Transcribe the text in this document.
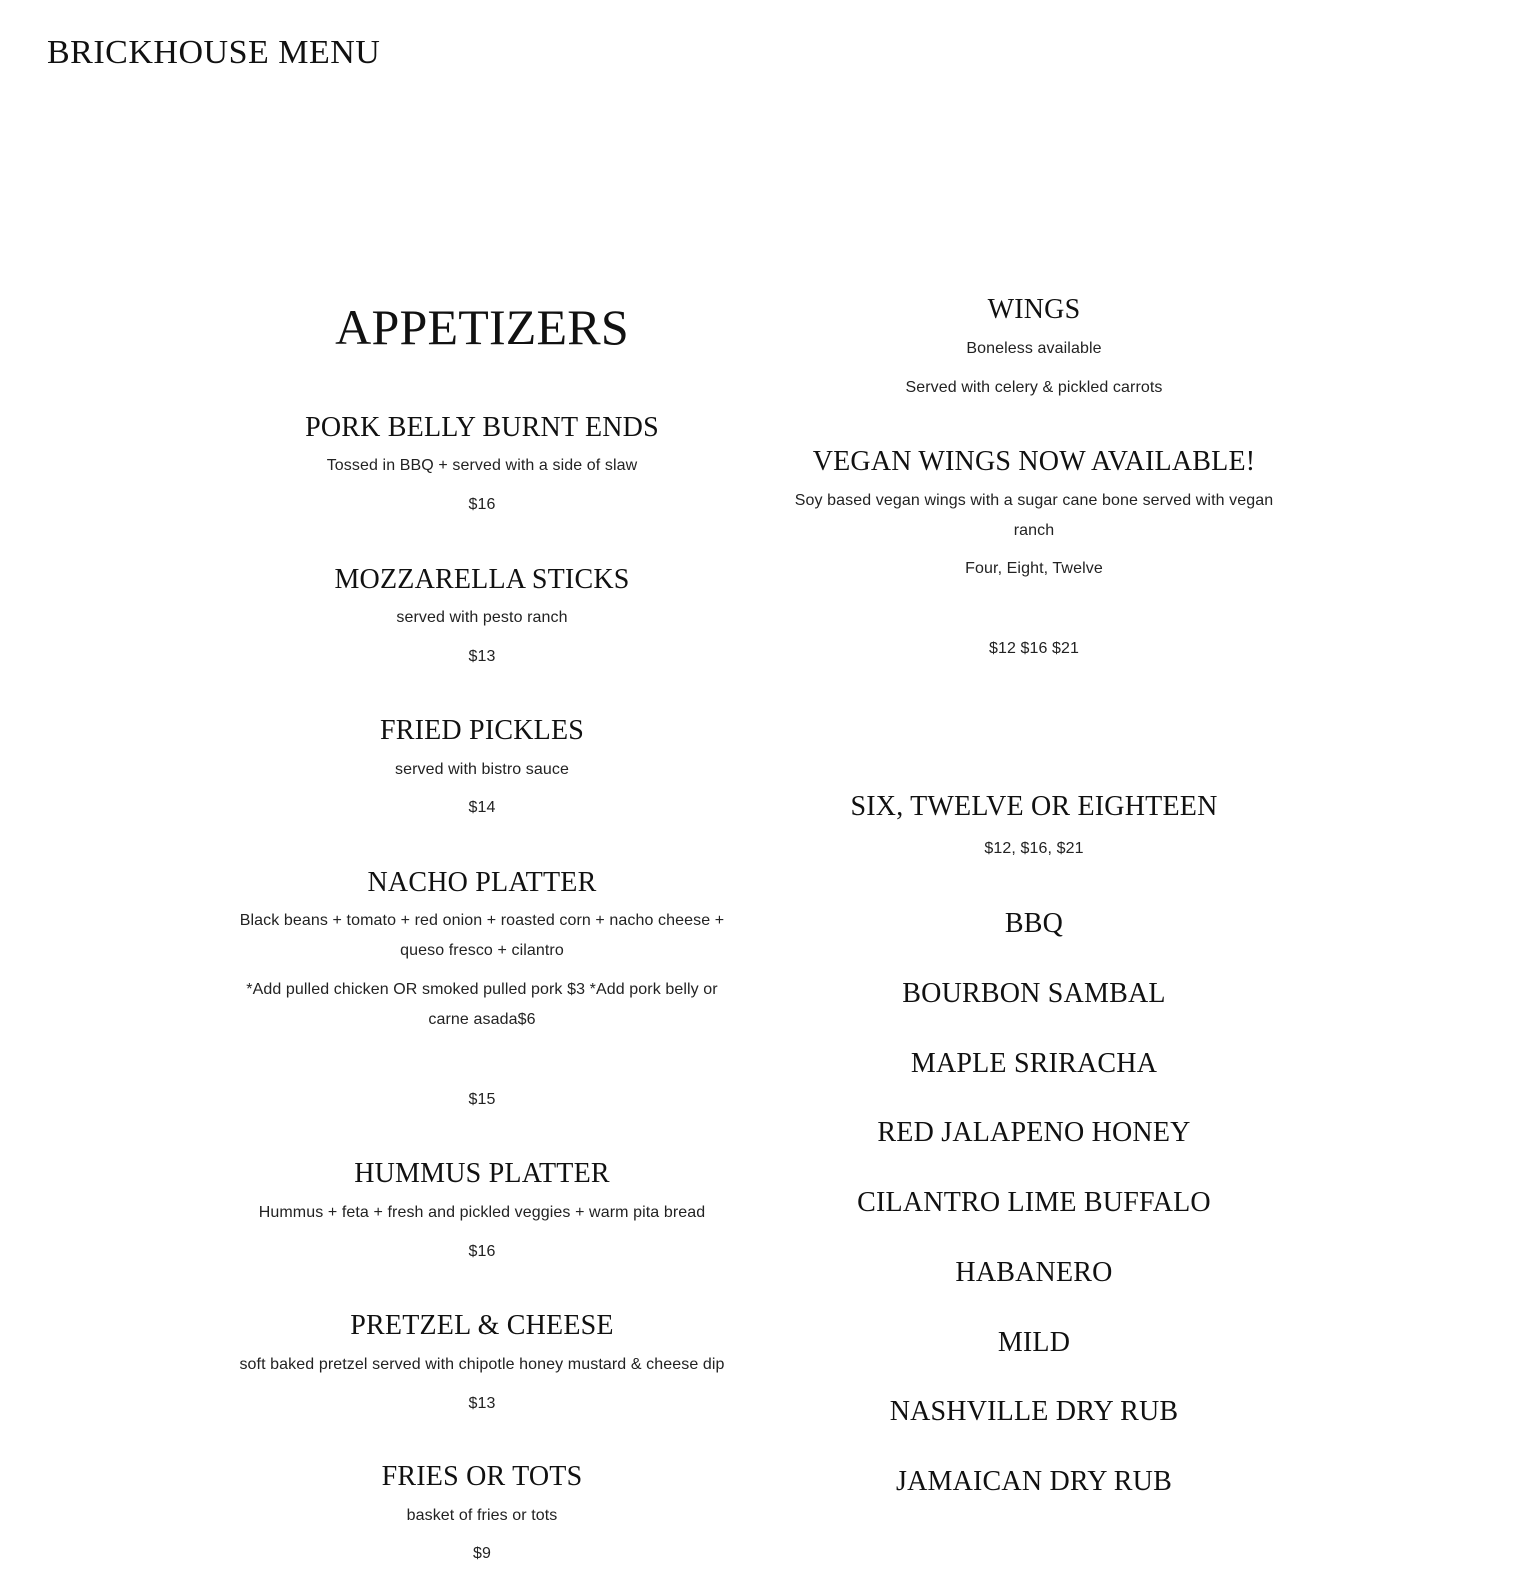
BRICKHOUSE MENU
APPETIZERS
PORK BELLY BURNT ENDS
Tossed in BBQ + served with a side of slaw
$16
MOZZARELLA STICKS
served with pesto ranch
$13
FRIED PICKLES
served with bistro sauce
$14
NACHO PLATTER
Black beans + tomato + red onion + roasted corn + nacho cheese + queso fresco + cilantro
*Add pulled chicken OR smoked pulled pork $3 *Add pork belly or carne asada$6
$15
HUMMUS PLATTER
Hummus + feta + fresh and pickled veggies + warm pita bread
$16
PRETZEL & CHEESE
soft baked pretzel served with chipotle honey mustard & cheese dip
$13
FRIES OR TOTS
basket of fries or tots
$9
WINGS
Boneless available
Served with celery & pickled carrots
VEGAN WINGS NOW AVAILABLE!
Soy based vegan wings with a sugar cane bone served with vegan ranch
Four, Eight, Twelve
$12 $16 $21
SIX, TWELVE OR EIGHTEEN
$12, $16, $21
BBQ
BOURBON SAMBAL
MAPLE SRIRACHA
RED JALAPENO HONEY
CILANTRO LIME BUFFALO
HABANERO
MILD
NASHVILLE DRY RUB
JAMAICAN DRY RUB
